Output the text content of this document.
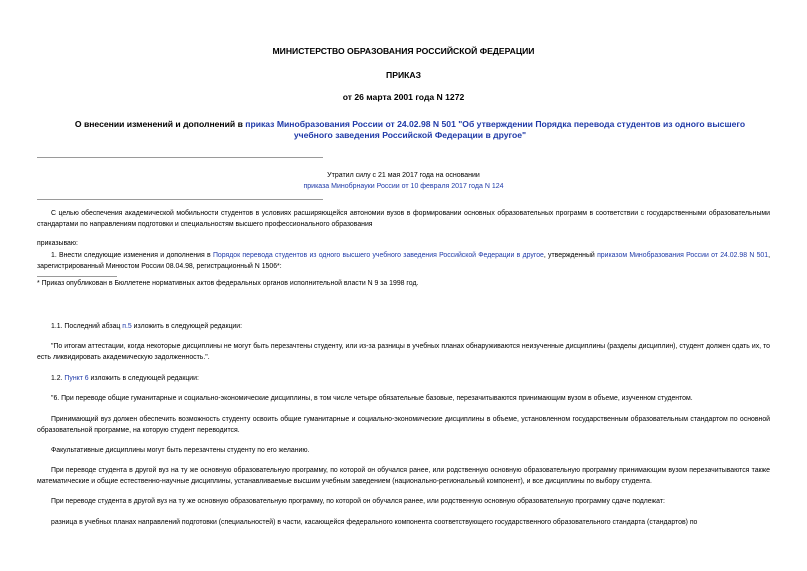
МИНИСТЕРСТВО ОБРАЗОВАНИЯ РОССИЙСКОЙ ФЕДЕРАЦИИ
ПРИКАЗ
от 26 марта 2001 года N 1272
О внесении изменений и дополнений в приказ Минобразования России от 24.02.98 N 501 "Об утверждении Порядка перевода студентов из одного высшего учебного заведения Российской Федерации в другое"
Утратил силу с 21 мая 2017 года на основании
приказа Минобрнауки России от 10 февраля 2017 года N 124
С целью обеспечения академической мобильности студентов в условиях расширяющейся автономии вузов в формировании основных образовательных программ в соответствии с государственными образовательными стандартами по направлениям подготовки и специальностям высшего профессионального образования
приказываю:
1. Внести следующие изменения и дополнения в Порядок перевода студентов из одного высшего учебного заведения Российской Федерации в другое, утвержденный приказом Минобразования России от 24.02.98 N 501, зарегистрированный Минюстом России 08.04.98, регистрационный N 1506*:
* Приказ опубликован в Бюллетене нормативных актов федеральных органов исполнительной власти N 9 за 1998 год.
1.1. Последний абзац п.5 изложить в следующей редакции:
"По итогам аттестации, когда некоторые дисциплины не могут быть перезачтены студенту, или из-за разницы в учебных планах обнаруживаются неизученные дисциплины (разделы дисциплин), студент должен сдать их, то есть ликвидировать академическую задолженность.".
1.2. Пункт 6 изложить в следующей редакции:
"6. При переводе общие гуманитарные и социально-экономические дисциплины, в том числе четыре обязательные базовые, перезачитываются принимающим вузом в объеме, изученном студентом.
Принимающий вуз должен обеспечить возможность студенту освоить общие гуманитарные и социально-экономические дисциплины в объеме, установленном государственным образовательным стандартом по основной образовательной программе, на которую студент переводится.
Факультативные дисциплины могут быть перезачтены студенту по его желанию.
При переводе студента в другой вуз на ту же основную образовательную программу, по которой он обучался ранее, или родственную основную образовательную программу принимающим вузом перезачитываются также математические и общие естественно-научные дисциплины, устанавливаемые высшим учебным заведением (национально-региональный компонент), и все дисциплины по выбору студента.
При переводе студента в другой вуз на ту же основную образовательную программу, по которой он обучался ранее, или родственную основную образовательную программу сдаче подлежат:
разница в учебных планах направлений подготовки (специальностей) в части, касающейся федерального компонента соответствующего государственного образовательного стандарта (стандартов) по
